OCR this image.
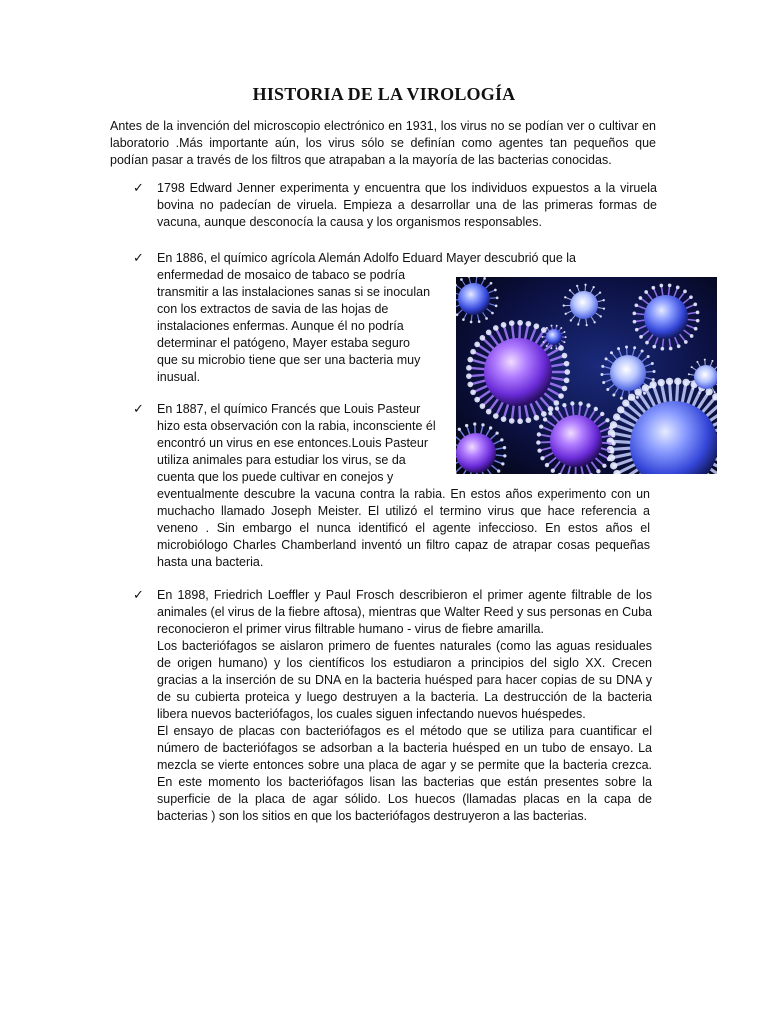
HISTORIA DE LA VIROLOGÍA
Antes de la invención del microscopio electrónico en 1931, los virus no se podían ver o cultivar en laboratorio .Más importante aún, los virus sólo se definían como agentes tan pequeños que podían pasar a través de los filtros que atrapaban a la mayoría de las bacterias conocidas.
✓ 1798 Edward Jenner experimenta y encuentra que los individuos expuestos a la viruela bovina no padecían de viruela. Empieza a desarrollar una de las primeras formas de vacuna, aunque desconocía la causa y los organismos responsables.

✓ En 1886, el químico agrícola Alemán Adolfo Eduard Mayer descubrió que la

enfermedad de mosaico de tabaco se podría

transmitir a las instalaciones sanas si se inoculan

con los extractos de savia de las hojas de

instalaciones enfermas. Aunque él no podría

determinar el patógeno, Mayer estaba seguro

que su microbio tiene que ser una bacteria muy

inusual.

✓ En 1887, el químico Francés que Louis Pasteur

hizo esta observación con la rabia, inconsciente él

encontró un virus en ese entonces.Louis Pasteur

utiliza animales para estudiar los virus, se da

cuenta que los puede cultivar en conejos y

eventualmente descubre la vacuna contra la rabia. En estos años experimento con un muchacho llamado Joseph Meister. El utilizó el termino virus que hace referencia a veneno . Sin embargo el nunca identificó el agente infeccioso. En estos años el microbiólogo Charles Chamberland inventó un filtro capaz de atrapar cosas pequeñas hasta una bacteria.

✓ En 1898, Friedrich Loeffler y Paul Frosch describieron el primer agente filtrable de los animales (el virus de la fiebre aftosa), mientras que Walter Reed y sus personas en Cuba reconocieron el primer virus filtrable humano - virus de fiebre amarilla.

Los bacteriófagos se aislaron primero de fuentes naturales (como las aguas residuales de origen humano) y los científicos los estudiaron a principios del siglo XX. Crecen gracias a la inserción de su DNA en la bacteria huésped para hacer copias de su DNA y de su cubierta proteica y luego destruyen a la bacteria. La destrucción de la bacteria libera nuevos bacteriófagos, los cuales siguen infectando nuevos huéspedes.

El ensayo de placas con bacteriófagos es el método que se utiliza para cuantificar el número de bacteriófagos se adsorban a la bacteria huésped en un tubo de ensayo. La mezcla se vierte entonces sobre una placa de agar y se permite que la bacteria crezca. En este momento los bacteriófagos lisan las bacterias que están presentes sobre la superficie de la placa de agar sólido. Los huecos (llamadas placas en la capa de bacterias ) son los sitios en que los bacteriófagos destruyeron a las bacterias.
